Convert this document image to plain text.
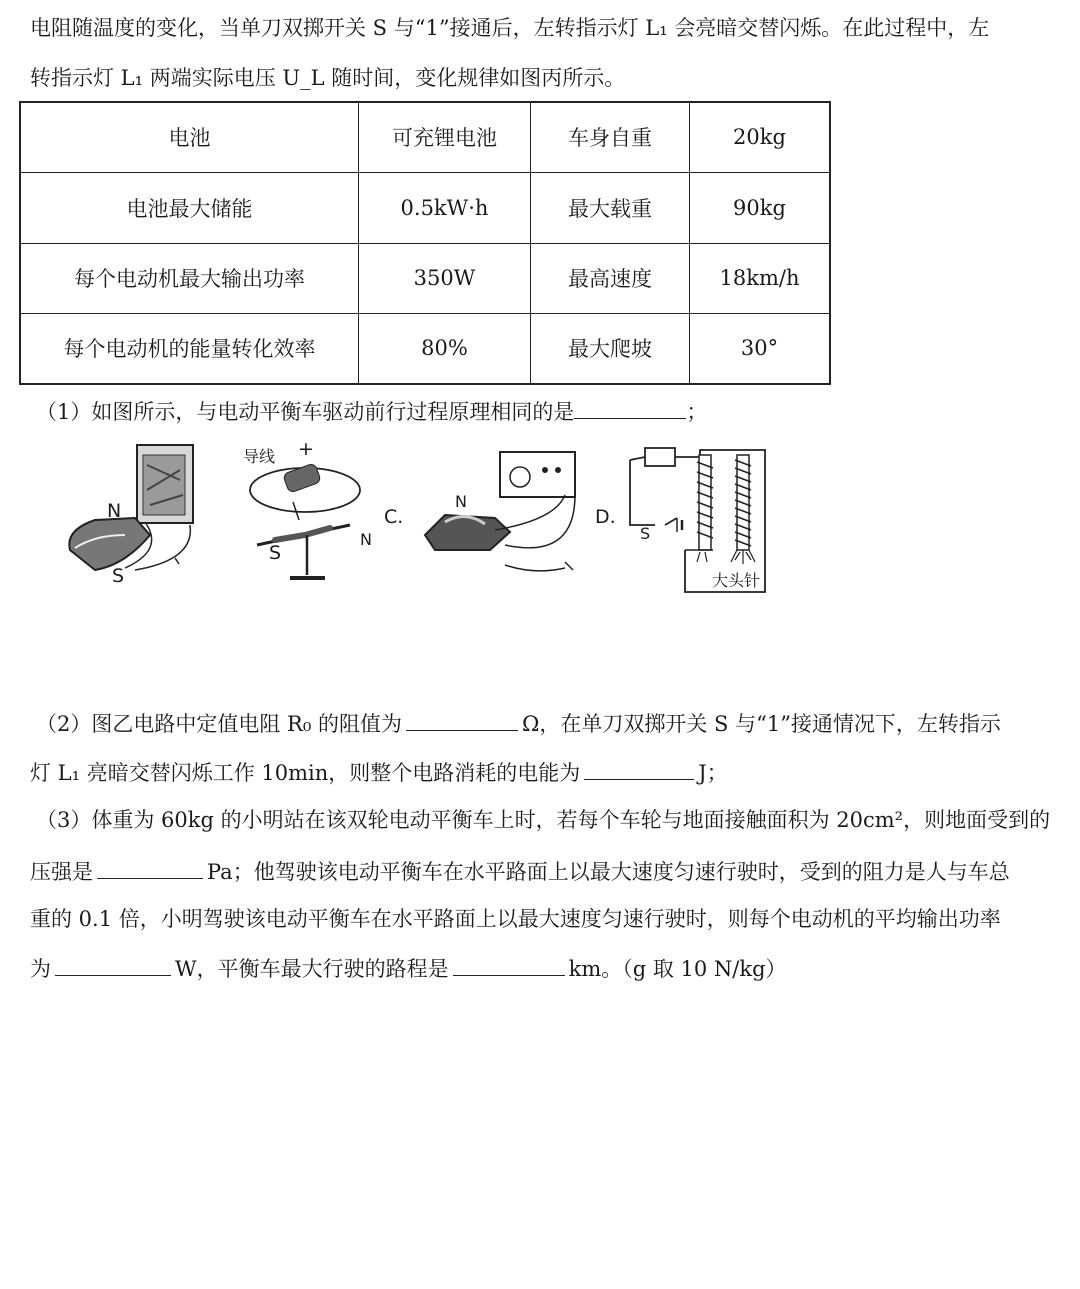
电阻随温度的变化，当单刀双掷开关 S 与“1”接通后，左转指示灯 L₁ 会亮暗交替闪烁。在此过程中，左
转指示灯 L₁ 两端实际电压 U_L 随时间，变化规律如图丙所示。
电池	可充锂电池	车身自重	20kg
电池最大储能	0.5kW·h	最大载重	90kg
每个电动机最大输出功率	350W	最高速度	18km/h
每个电动机的能量转化效率	80%	最大爬坡	30°
（1）如图所示，与电动平衡车驱动前行过程原理相同的是	；
N
S
导线 +
S
N
C.
N
D.
S
大头针
（2）图乙电路中定值电阻 R₀ 的阻值为	Ω，在单刀双掷开关 S 与“1”接通情况下，左转指示
灯 L₁ 亮暗交替闪烁工作 10min，则整个电路消耗的电能为	J；
（3）体重为 60kg 的小明站在该双轮电动平衡车上时，若每个车轮与地面接触面积为 20cm²，则地面受到的
压强是	Pa；他驾驶该电动平衡车在水平路面上以最大速度匀速行驶时，受到的阻力是人与车总
重的 0.1 倍，小明驾驶该电动平衡车在水平路面上以最大速度匀速行驶时，则每个电动机的平均输出功率
为	W，平衡车最大行驶的路程是	km。（g 取 10 N/kg）
